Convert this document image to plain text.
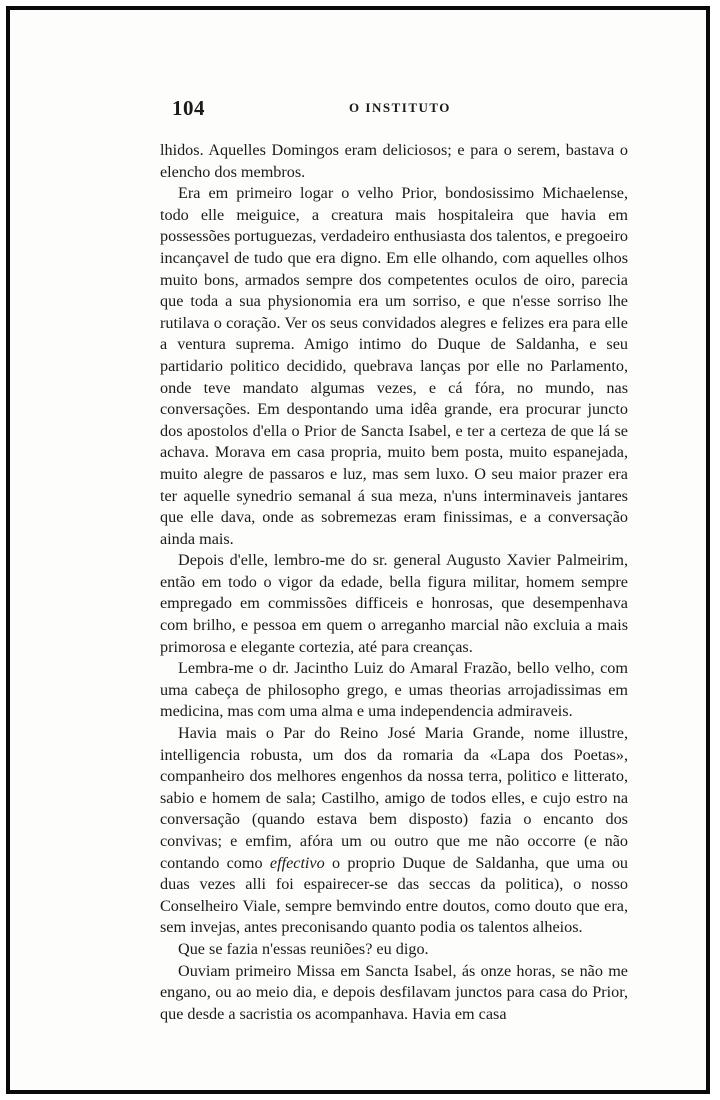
104	O INSTITUTO

lhidos. Aquelles Domingos eram deliciosos; e para o serem, bastava o elencho dos membros.

Era em primeiro logar o velho Prior, bondosissimo Michaelense, todo elle meiguice, a creatura mais hospitaleira que havia em possessões portuguezas, verdadeiro enthusiasta dos talentos, e pregoeiro incançavel de tudo que era digno. Em elle olhando, com aquelles olhos muito bons, armados sempre dos competentes oculos de oiro, parecia que toda a sua physionomia era um sorriso, e que n'esse sorriso lhe rutilava o coração. Ver os seus convidados alegres e felizes era para elle a ventura suprema. Amigo intimo do Duque de Saldanha, e seu partidario politico decidido, quebrava lanças por elle no Parlamento, onde teve mandato algumas vezes, e cá fóra, no mundo, nas conversações. Em despontando uma idêa grande, era procurar juncto dos apostolos d'ella o Prior de Sancta Isabel, e ter a certeza de que lá se achava. Morava em casa propria, muito bem posta, muito espanejada, muito alegre de passaros e luz, mas sem luxo. O seu maior prazer era ter aquelle synedrio semanal á sua meza, n'uns interminaveis jantares que elle dava, onde as sobremezas eram finissimas, e a conversação ainda mais.

Depois d'elle, lembro-me do sr. general Augusto Xavier Palmeirim, então em todo o vigor da edade, bella figura militar, homem sempre empregado em commissões difficeis e honrosas, que desempenhava com brilho, e pessoa em quem o arreganho marcial não excluia a mais primorosa e elegante cortezia, até para creanças.

Lembra-me o dr. Jacintho Luiz do Amaral Frazão, bello velho, com uma cabeça de philosopho grego, e umas theorias arrojadissimas em medicina, mas com uma alma e uma independencia admiraveis.

Havia mais o Par do Reino José Maria Grande, nome illustre, intelligencia robusta, um dos da romaria da «Lapa dos Poetas», companheiro dos melhores engenhos da nossa terra, politico e litterato, sabio e homem de sala; Castilho, amigo de todos elles, e cujo estro na conversação (quando estava bem disposto) fazia o encanto dos convivas; e emfim, afóra um ou outro que me não occorre (e não contando como effectivo o proprio Duque de Saldanha, que uma ou duas vezes alli foi espairecer-se das seccas da politica), o nosso Conselheiro Viale, sempre bemvindo entre doutos, como douto que era, sem invejas, antes preconisando quanto podia os talentos alheios.

Que se fazia n'essas reuniões? eu digo.

Ouviam primeiro Missa em Sancta Isabel, ás onze horas, se não me engano, ou ao meio dia, e depois desfilavam junctos para casa do Prior, que desde a sacristia os acompanhava. Havia em casa
